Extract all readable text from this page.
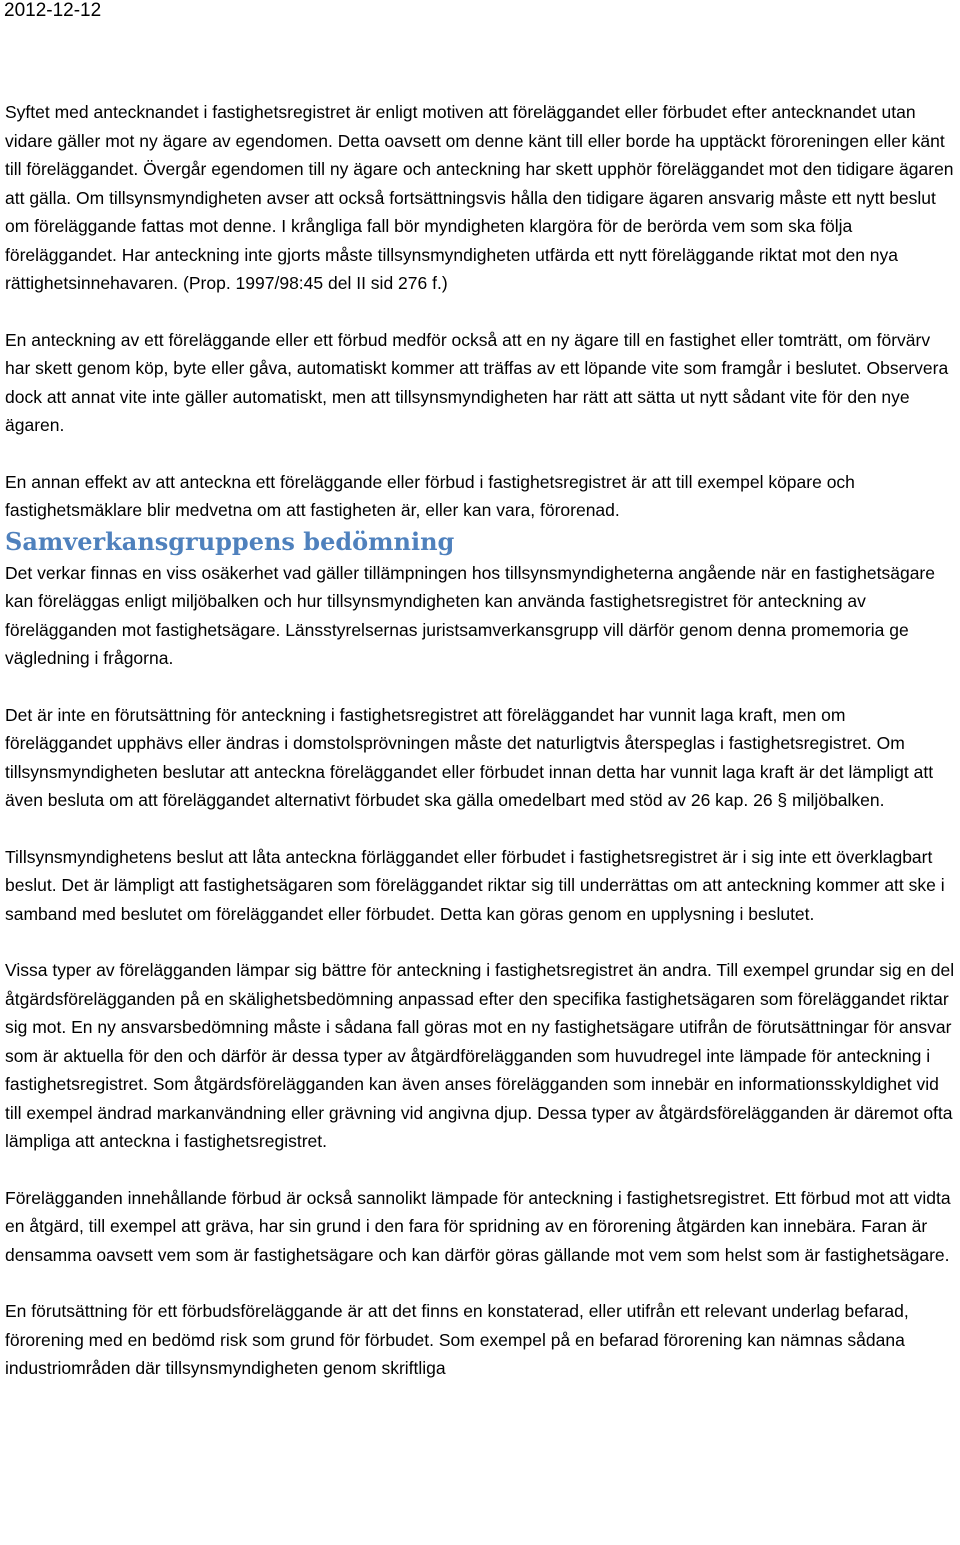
2012-12-12

Syftet med antecknandet i fastighetsregistret är enligt motiven att föreläggandet eller förbudet efter antecknandet utan vidare gäller mot ny ägare av egendomen. Detta oavsett om denne känt till eller borde ha upptäckt föroreningen eller känt till föreläggandet. Övergår egendomen till ny ägare och anteckning har skett upphör föreläggandet mot den tidigare ägaren att gälla. Om tillsynsmyndigheten avser att också fortsättningsvis hålla den tidigare ägaren ansvarig måste ett nytt beslut om föreläggande fattas mot denne. I krångliga fall bör myndigheten klargöra för de berörda vem som ska följa föreläggandet. Har anteckning inte gjorts måste tillsynsmyndigheten utfärda ett nytt föreläggande riktat mot den nya rättighetsinnehavaren. (Prop. 1997/98:45 del II sid 276 f.)

En anteckning av ett föreläggande eller ett förbud medför också att en ny ägare till en fastighet eller tomträtt, om förvärv har skett genom köp, byte eller gåva, automatiskt kommer att träffas av ett löpande vite som framgår i beslutet. Observera dock att annat vite inte gäller automatiskt, men att tillsynsmyndigheten har rätt att sätta ut nytt sådant vite för den nye ägaren.

En annan effekt av att anteckna ett föreläggande eller förbud i fastighetsregistret är att till exempel köpare och fastighetsmäklare blir medvetna om att fastigheten är, eller kan vara, förorenad.

Samverkansgruppens bedömning

Det verkar finnas en viss osäkerhet vad gäller tillämpningen hos tillsynsmyndigheterna angående när en fastighetsägare kan föreläggas enligt miljöbalken och hur tillsynsmyndigheten kan använda fastighetsregistret för anteckning av förelägganden mot fastighetsägare. Länsstyrelsernas juristsamverkansgrupp vill därför genom denna promemoria ge vägledning i frågorna.

Det är inte en förutsättning för anteckning i fastighetsregistret att föreläggandet har vunnit laga kraft, men om föreläggandet upphävs eller ändras i domstolsprövningen måste det naturligtvis återspeglas i fastighetsregistret. Om tillsynsmyndigheten beslutar att anteckna föreläggandet eller förbudet innan detta har vunnit laga kraft är det lämpligt att även besluta om att föreläggandet alternativt förbudet ska gälla omedelbart med stöd av 26 kap. 26 § miljöbalken.

Tillsynsmyndighetens beslut att låta anteckna förläggandet eller förbudet i fastighetsregistret är i sig inte ett överklagbart beslut. Det är lämpligt att fastighetsägaren som föreläggandet riktar sig till underrättas om att anteckning kommer att ske i samband med beslutet om föreläggandet eller förbudet. Detta kan göras genom en upplysning i beslutet.

Vissa typer av förelägganden lämpar sig bättre för anteckning i fastighetsregistret än andra. Till exempel grundar sig en del åtgärdsförelägganden på en skälighetsbedömning anpassad efter den specifika fastighetsägaren som föreläggandet riktar sig mot. En ny ansvarsbedömning måste i sådana fall göras mot en ny fastighetsägare utifrån de förutsättningar för ansvar som är aktuella för den och därför är dessa typer av åtgärdförelägganden som huvudregel inte lämpade för anteckning i fastighetsregistret. Som åtgärdsförelägganden kan även anses förelägganden som innebär en informationsskyldighet vid till exempel ändrad markanvändning eller grävning vid angivna djup. Dessa typer av åtgärdsförelägganden är däremot ofta lämpliga att anteckna i fastighetsregistret.

Förelägganden innehållande förbud är också sannolikt lämpade för anteckning i fastighetsregistret. Ett förbud mot att vidta en åtgärd, till exempel att gräva, har sin grund i den fara för spridning av en förorening åtgärden kan innebära. Faran är densamma oavsett vem som är fastighetsägare och kan därför göras gällande mot vem som helst som är fastighetsägare.

En förutsättning för ett förbudsföreläggande är att det finns en konstaterad, eller utifrån ett relevant underlag befarad, förorening med en bedömd risk som grund för förbudet. Som exempel på en befarad förorening kan nämnas sådana industriområden där tillsynsmyndigheten genom skriftliga
